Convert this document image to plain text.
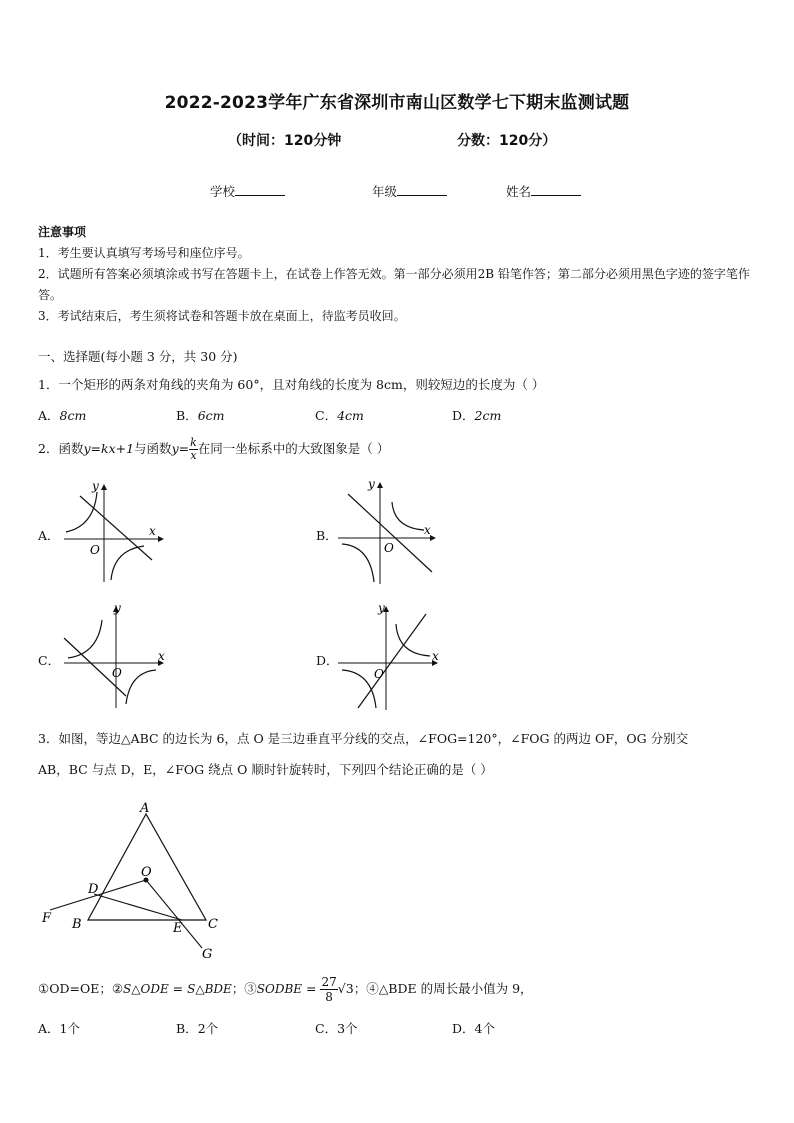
2022-2023学年广东省深圳市南山区数学七下期末监测试题
（时间：120分钟	分数：120分）
学校	年级	姓名
注意事项
1．考生要认真填写考场号和座位序号。
2．试题所有答案必须填涂或书写在答题卡上，在试卷上作答无效。第一部分必须用2B 铅笔作答；第二部分必须用黑色字迹的签字笔作答。
3．考试结束后，考生须将试卷和答题卡放在桌面上，待监考员收回。
一、选择题(每小题 3 分，共 30 分)
1．一个矩形的两条对角线的夹角为 60°，且对角线的长度为 8cm，则较短边的长度为（ ）
A．8cm	B．6cm	C．4cm	D．2cm
2．函数y=kx+1与函数$y= \frac{k}{x}$ 在同一坐标系中的大致图象是（ ）
A．	B．
C．	D．
x
y
O
x
y
O
x
y
O
x
y
O
3．如图，等边△ABC 的边长为 6，点 O 是三边垂直平分线的交点，∠FOG=120°，∠FOG 的两边 OF，OG 分别交
AB，BC 与点 D，E，∠FOG 绕点 O 顺时针旋转时，下列四个结论正确的是（ ）
A
B	C
D
E
F
G
O
①OD=OE；②S△ODE = S△BDE；③SODBE = $\frac{27}{8} √3$；④△BDE 的周长最小值为 9，
A．1个	B．2个	C．3个	D．4个
